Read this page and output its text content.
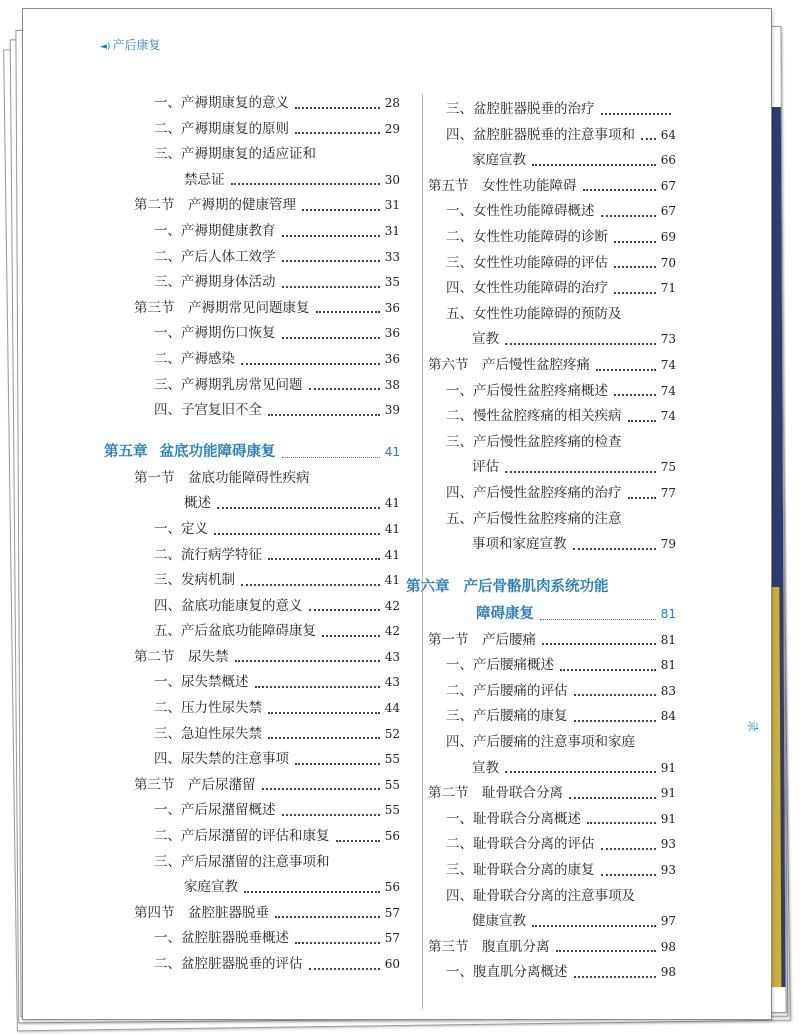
◄) 产后康复
一、产褥期康复的意义	28
二、产褥期康复的原则	29
三、产褥期康复的适应证和
禁忌证	30
第二节　产褥期的健康管理	31
一、产褥期健康教育	31
二、产后人体工效学	33
三、产褥期身体活动	35
第三节　产褥期常见问题康复	36
一、产褥期伤口恢复	36
二、产褥感染	36
三、产褥期乳房常见问题	38
四、子宫复旧不全	39
第五章 盆底功能障碍康复	41
第一节　盆底功能障碍性疾病
概述	41
一、定义	41
二、流行病学特征	41
三、发病机制	41
四、盆底功能康复的意义	42
五、产后盆底功能障碍康复	42
第二节　尿失禁	43
一、尿失禁概述	43
二、压力性尿失禁	44
三、急迫性尿失禁	52
四、尿失禁的注意事项	55
第三节　产后尿潴留	55
一、产后尿潴留概述	55
二、产后尿潴留的评估和康复	56
三、产后尿潴留的注意事项和
家庭宣教	56
第四节　盆腔脏器脱垂	57
一、盆腔脏器脱垂概述	57
二、盆腔脏器脱垂的评估	60
三、盆腔脏器脱垂的治疗
四、盆腔脏器脱垂的注意事项和 64
家庭宣教	66
第五节　女性性功能障碍	67
一、女性性功能障碍概述	67
二、女性性功能障碍的诊断	69
三、女性性功能障碍的评估	70
四、女性性功能障碍的治疗	71
五、女性性功能障碍的预防及
宣教	73
第六节　产后慢性盆腔疼痛	74
一、产后慢性盆腔疼痛概述	74
二、慢性盆腔疼痛的相关疾病	74
三、产后慢性盆腔疼痛的检查
评估	75
四、产后慢性盆腔疼痛的治疗	77
五、产后慢性盆腔疼痛的注意
事项和家庭宣教	79
第六章 产后骨骼肌肉系统功能
障碍康复	81
第一节　产后腰痛	81
一、产后腰痛概述	81
二、产后腰痛的评估	83
三、产后腰痛的康复	84
四、产后腰痛的注意事项和家庭
宣教	91
第二节　耻骨联合分离	91
一、耻骨联合分离概述	91
二、耻骨联合分离的评估	93
三、耻骨联合分离的康复	93
四、耻骨联合分离的注意事项及
健康宣教	97
第三节　腹直肌分离	98
一、腹直肌分离概述	98
录
